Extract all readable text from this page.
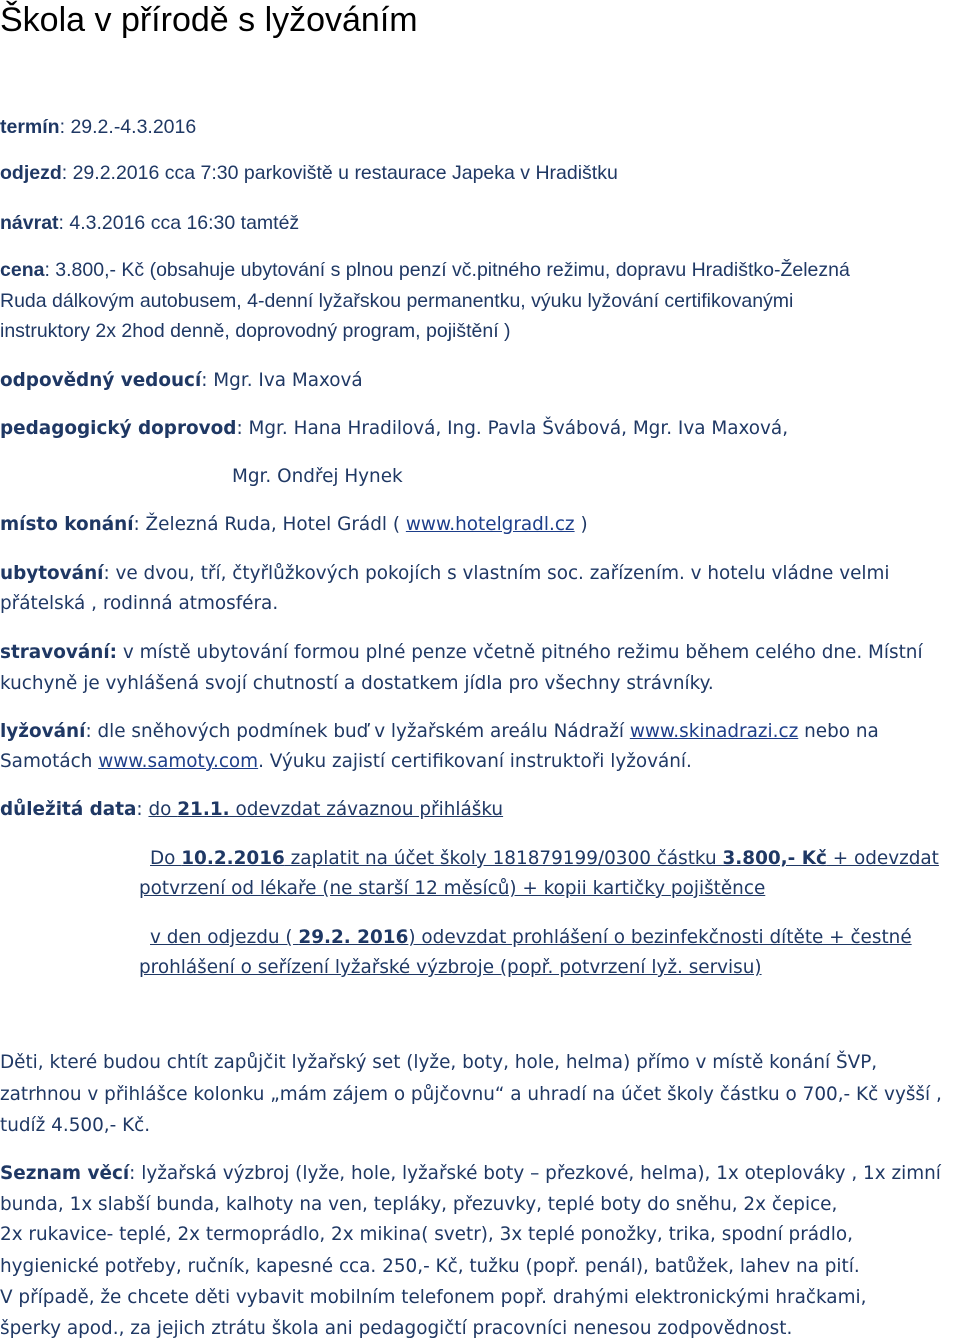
Škola v přírodě s lyžováním
termín: 29.2.-4.3.2016
odjezd: 29.2.2016 cca 7:30 parkoviště u restaurace Japeka v Hradištku
návrat: 4.3.2016 cca 16:30 tamtéž
cena: 3.800,- Kč (obsahuje ubytování s plnou penzí vč.pitného režimu, dopravu Hradištko-Železná
Ruda dálkovým autobusem, 4-denní lyžařskou permanentku, výuku lyžování certifikovanými
instruktory 2x 2hod denně, doprovodný program, pojištění )
odpovědný vedoucí: Mgr. Iva Maxová
pedagogický doprovod: Mgr. Hana Hradilová, Ing. Pavla Švábová, Mgr. Iva Maxová,
Mgr. Ondřej Hynek
místo konání: Železná Ruda, Hotel Grádl ( www.hotelgradl.cz )
ubytování: ve dvou, tří, čtyřlůžkových pokojích s vlastním soc. zařízením. v hotelu vládne velmi
přátelská , rodinná atmosféra.
stravování: v místě ubytování formou plné penze včetně pitného režimu během celého dne. Místní
kuchyně je vyhlášená svojí chutností a dostatkem jídla pro všechny strávníky.
lyžování: dle sněhových podmínek buď v lyžařském areálu Nádraží www.skinadrazi.cz nebo na
Samotách www.samoty.com. Výuku zajistí certifikovaní instruktoři lyžování.
důležitá data: do 21.1. odevzdat závaznou přihlášku
Do 10.2.2016 zaplatit na účet školy 181879199/0300 částku 3.800,- Kč + odevzdat
potvrzení od lékaře (ne starší 12 měsíců) + kopii kartičky pojištěnce
v den odjezdu ( 29.2. 2016) odevzdat prohlášení o bezinfekčnosti dítěte + čestné
prohlášení o seřízení lyžařské výzbroje (popř. potvrzení lyž. servisu)
Děti, které budou chtít zapůjčit lyžařský set (lyže, boty, hole, helma) přímo v místě konání ŠVP,
zatrhnou v přihlášce kolonku „mám zájem o půjčovnu“ a uhradí na účet školy částku o 700,- Kč vyšší ,
tudíž 4.500,- Kč.
Seznam věcí: lyžařská výzbroj (lyže, hole, lyžařské boty – přezkové, helma), 1x oteplováky , 1x zimní
bunda, 1x slabší bunda, kalhoty na ven, tepláky, přezuvky, teplé boty do sněhu, 2x čepice,
2x rukavice- teplé, 2x termoprádlo, 2x mikina( svetr), 3x teplé ponožky, trika, spodní prádlo,
hygienické potřeby, ručník, kapesné cca. 250,- Kč, tužku (popř. penál), batůžek, lahev na pití.
V případě, že chcete děti vybavit mobilním telefonem popř. drahými elektronickými hračkami,
šperky apod., za jejich ztrátu škola ani pedagogičtí pracovníci nenesou zodpovědnost.
